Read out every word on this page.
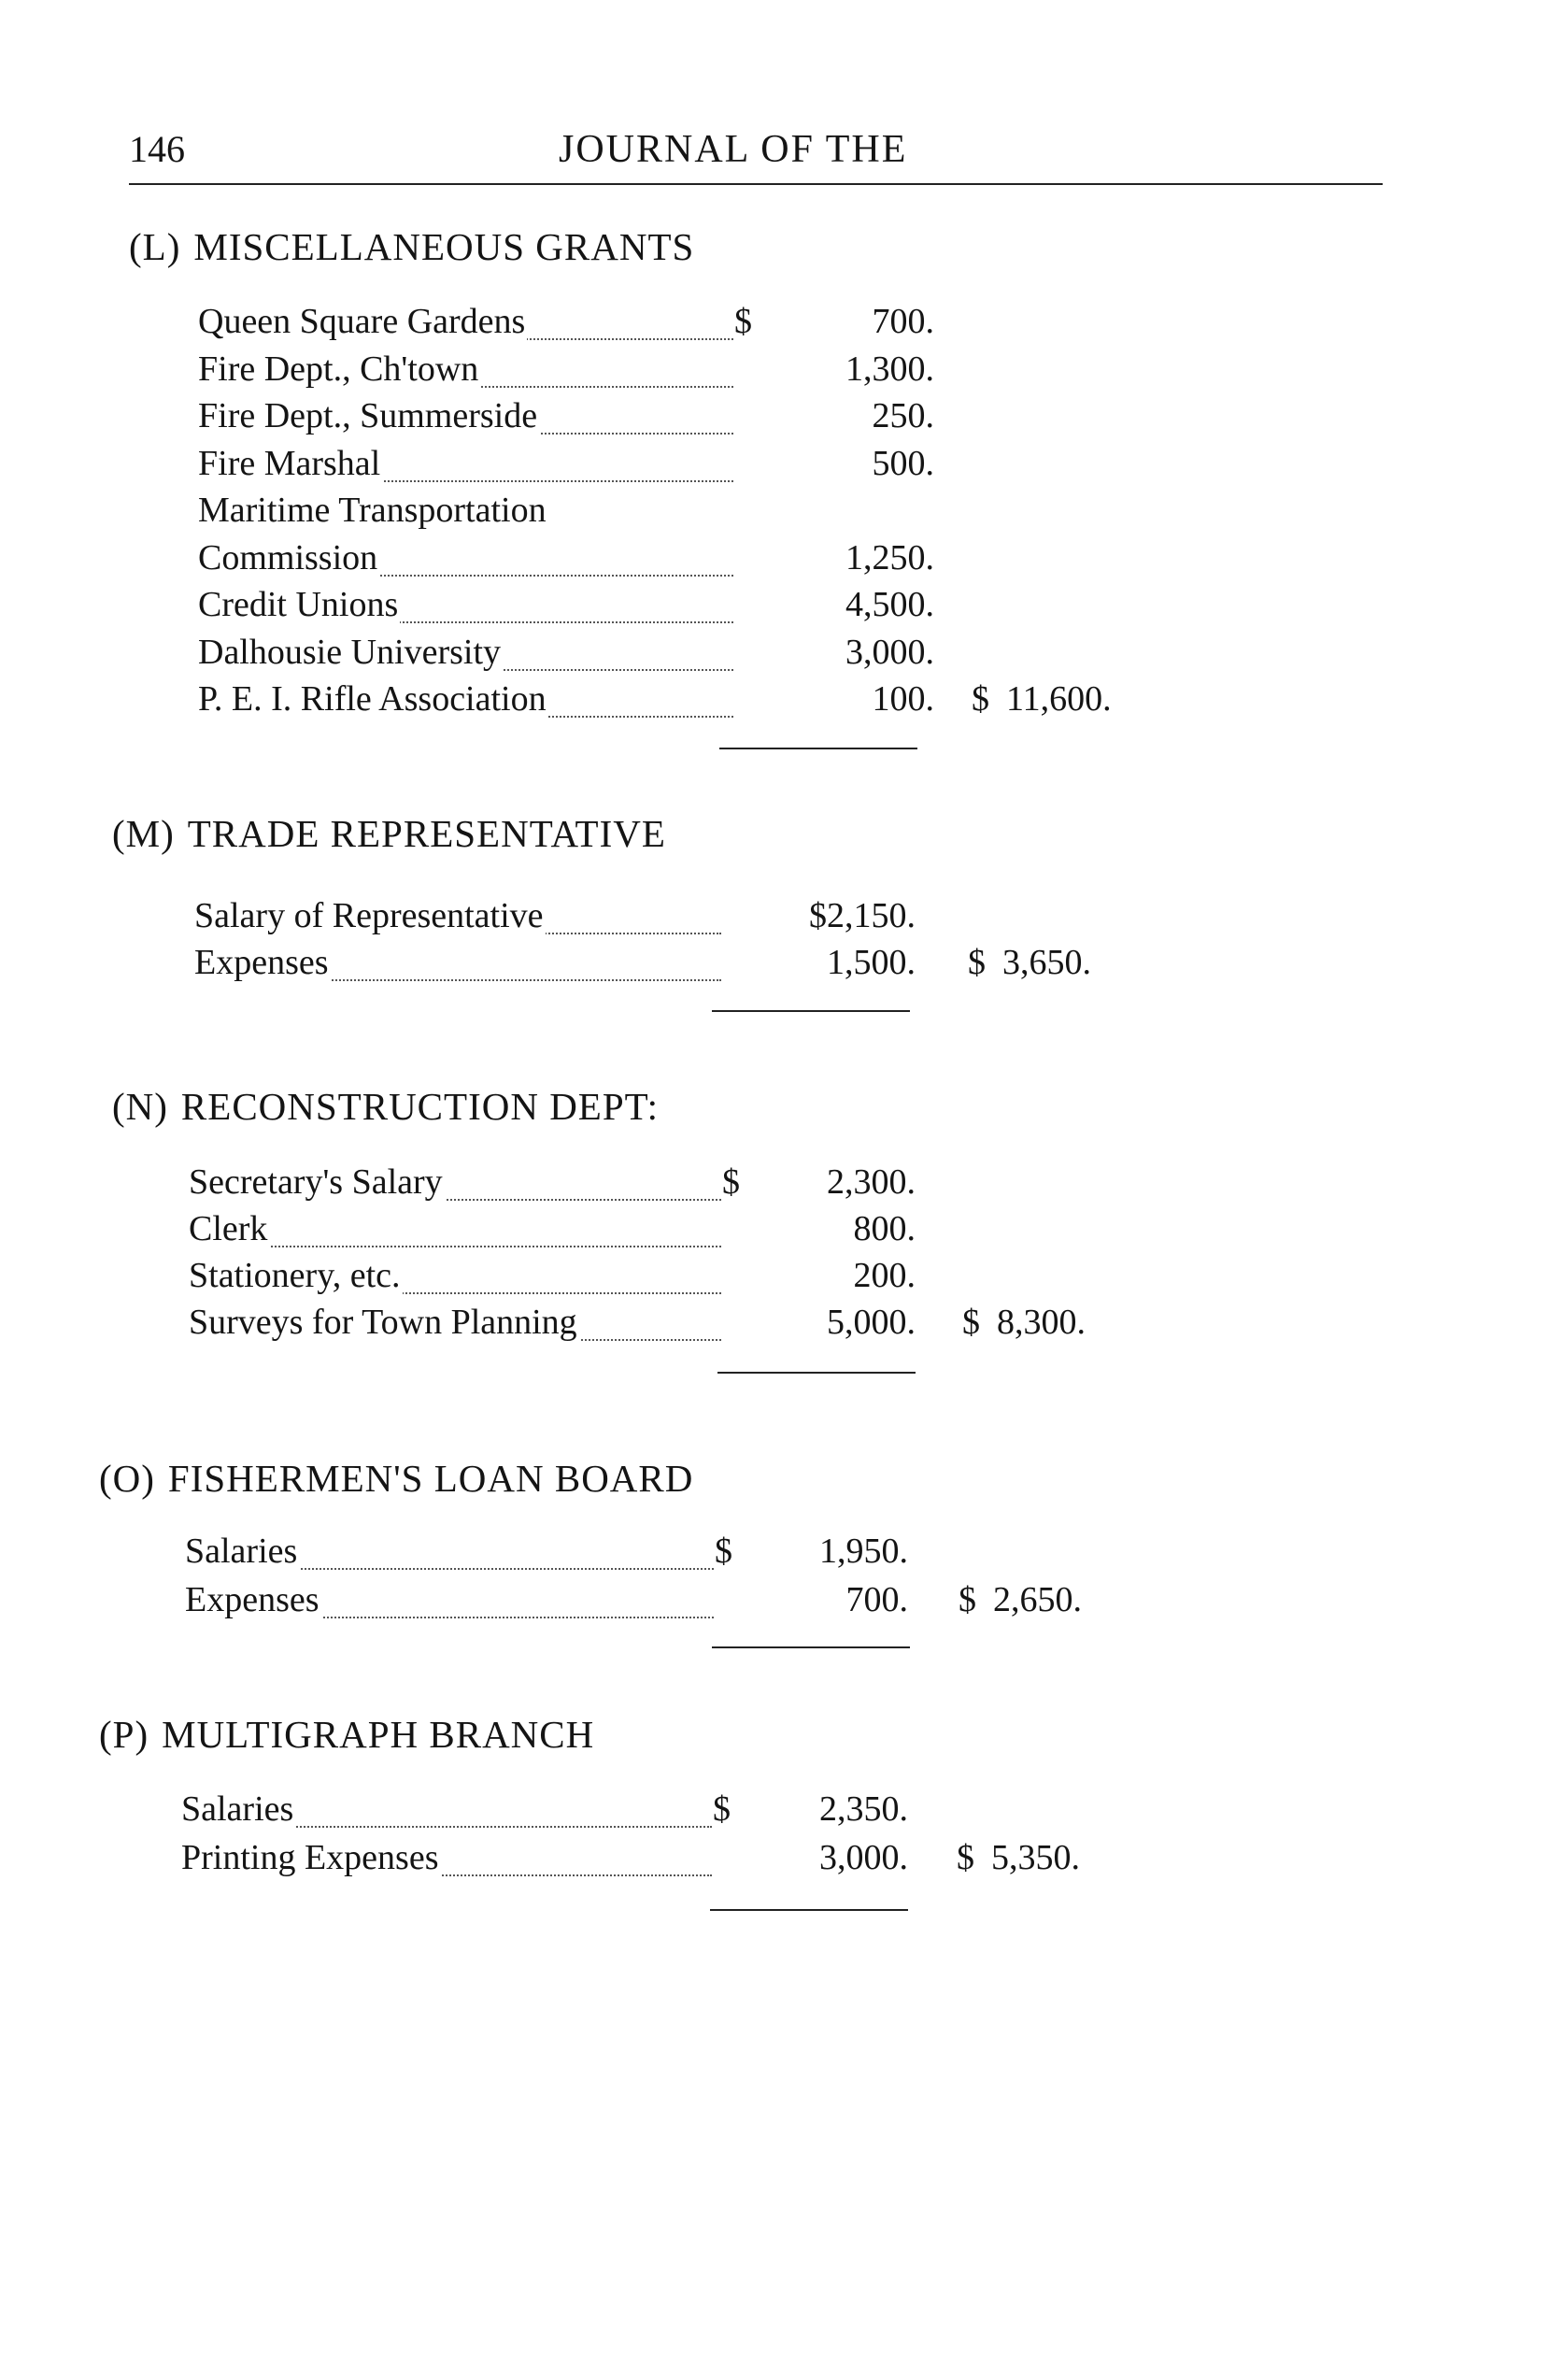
146	JOURNAL OF THE
(L) MISCELLANEOUS GRANTS
Queen Square Gardens	$	700.
Fire Dept., Ch'town	1,300.
Fire Dept., Summerside	250.
Fire Marshal	500.
Maritime Transportation
Commission	1,250.
Credit Unions	4,500.
Dalhousie University	3,000.
P. E. I. Rifle Association	100. $ 11,600.
(M) TRADE REPRESENTATIVE
Salary of Representative	$2,150.
Expenses	1,500. $ 3,650.
(N) RECONSTRUCTION DEPT:
Secretary's Salary	$	2,300.
Clerk	800.
Stationery, etc.	200.
Surveys for Town Planning	5,000. $ 8,300.
(O) FISHERMEN'S LOAN BOARD
Salaries	$	1,950.
Expenses	700. $ 2,650.
(P) MULTIGRAPH BRANCH
Salaries	$	2,350.
Printing Expenses	3,000. $ 5,350.
